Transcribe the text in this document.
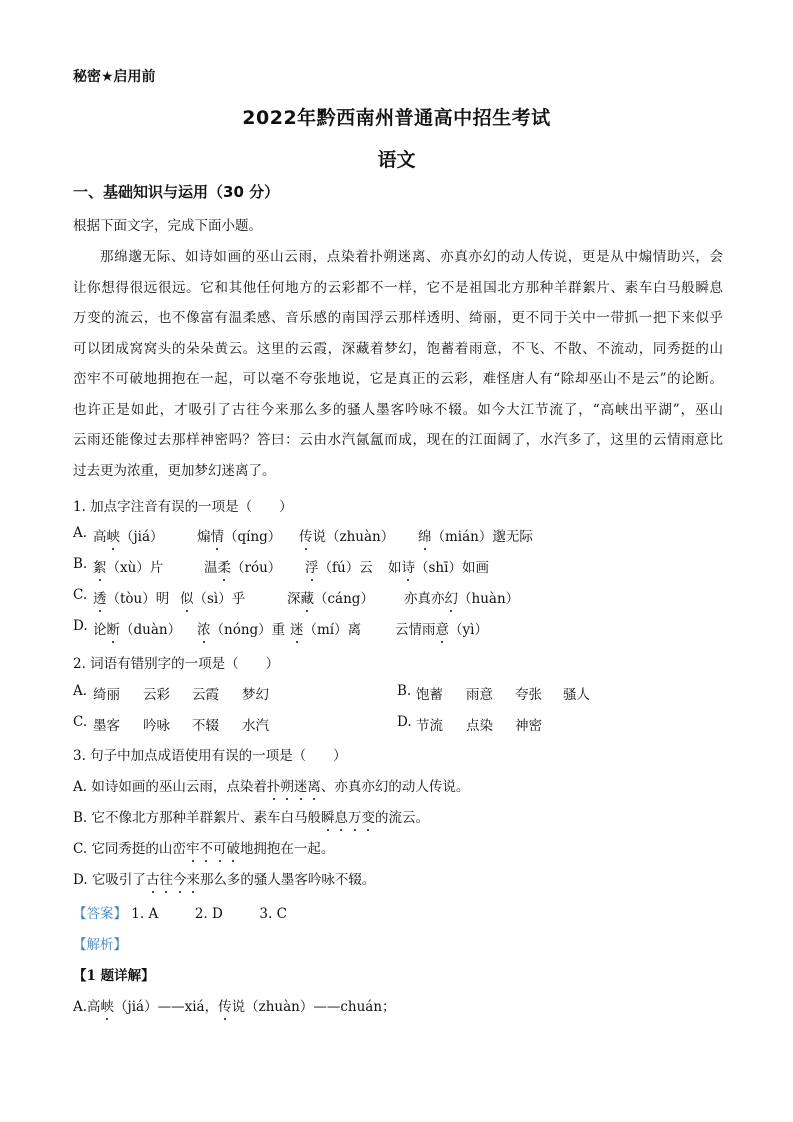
秘密★启用前
2022年黔西南州普通高中招生考试
语文
一、基础知识与运用（30 分）
根据下面文字，完成下面小题。
那绵邈无际、如诗如画的巫山云雨，点染着扑朔迷离、亦真亦幻的动人传说，更是从中煽情助兴，会
让你想得很远很远。它和其他任何地方的云彩都不一样，它不是祖国北方那种羊群絮片、素车白马般瞬息
万变的流云，也不像富有温柔感、音乐感的南国浮云那样透明、绮丽，更不同于关中一带抓一把下来似乎
可以团成窝窝头的朵朵黄云。这里的云霞，深藏着梦幻，饱蓄着雨意，不飞、不散、不流动，同秀挺的山
峦牢不可破地拥抱在一起，可以毫不夸张地说，它是真正的云彩，难怪唐人有“除却巫山不是云”的论断。
也许正是如此，才吸引了古往今来那么多的骚人墨客吟咏不辍。如今大江节流了，“高峡出平湖”，巫山
云雨还能像过去那样神密吗？答曰：云由水汽氤氲而成，现在的江面阔了，水汽多了，这里的云情雨意比
过去更为浓重，更加梦幻迷离了。
1. 加点字注音有误的一项是（　　）
A. 高峡（jiá） 煽情（qíng） 传说（zhuàn） 绵（mián）邈无际
B. 絮（xù）片	温柔（róu） 浮（fú）云 如诗（shī）如画
C. 透（tòu）明 似（sì）乎	深藏（cáng） 亦真亦幻（huàn）
D. 论断（duàn） 浓（nóng）重 迷（mí）离	云情雨意（yì）
2. 词语有错别字的一项是（　　）
A. 绮丽 云彩 云霞 梦幻	B. 饱蓄 雨意 夸张 骚人
C. 墨客 吟咏 不辍 水汽	D. 节流 点染 神密
3. 句子中加点成语使用有误的一项是（　　）
A. 如诗如画的巫山云雨，点染着扑朔迷离、亦真亦幻的动人传说。
B. 它不像北方那种羊群絮片、素车白马般瞬息万变的流云。
C. 它同秀挺的山峦牢不可破地拥抱在一起。
D. 它吸引了古往今来那么多的骚人墨客吟咏不辍。
【答案】 1. A	2. D	3. C
【解析】
【1 题详解】
A.高峡（jiá）——xiá，传说（zhuàn）——chuán；
